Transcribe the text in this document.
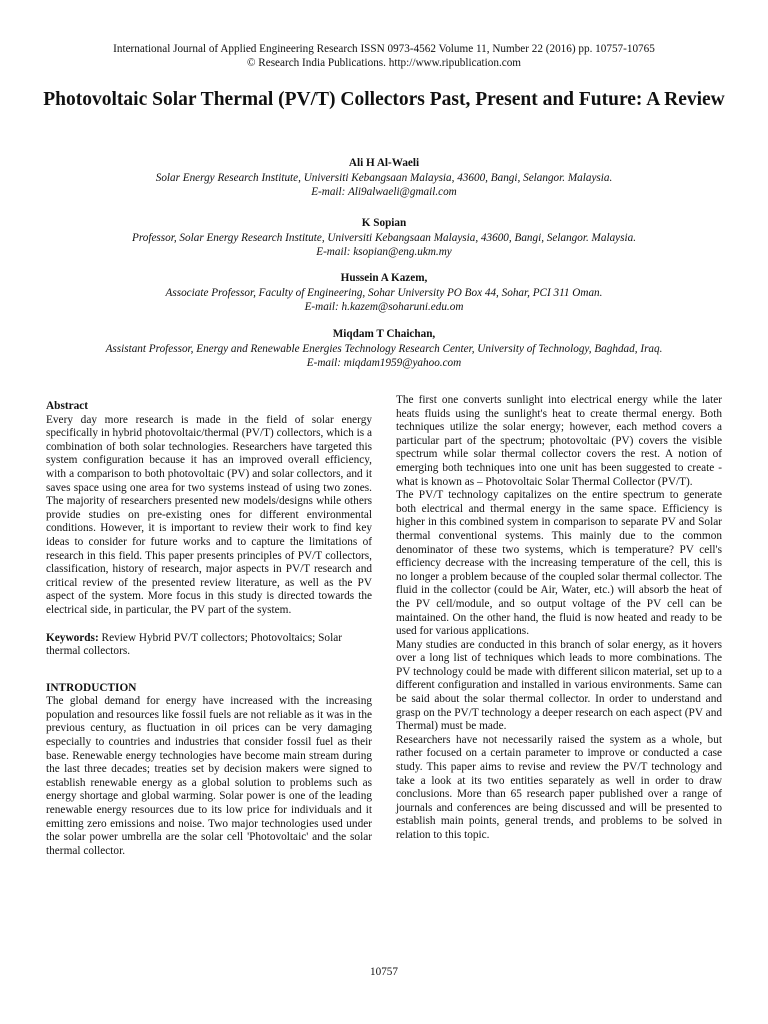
International Journal of Applied Engineering Research ISSN 0973-4562 Volume 11, Number 22 (2016) pp. 10757-10765
© Research India Publications. http://www.ripublication.com
Photovoltaic Solar Thermal (PV/T) Collectors Past, Present and Future: A Review
Ali H Al-Waeli
Solar Energy Research Institute, Universiti Kebangsaan Malaysia, 43600, Bangi, Selangor. Malaysia.
E-mail: Ali9alwaeli@gmail.com
K Sopian
Professor, Solar Energy Research Institute, Universiti Kebangsaan Malaysia, 43600, Bangi, Selangor. Malaysia.
E-mail: ksopian@eng.ukm.my
Hussein A Kazem,
Associate Professor, Faculty of Engineering, Sohar University PO Box 44, Sohar, PCI 311 Oman.
E-mail: h.kazem@soharuni.edu.om
Miqdam T Chaichan,
Assistant Professor, Energy and Renewable Energies Technology Research Center, University of Technology, Baghdad, Iraq.
E-mail: miqdam1959@yahoo.com
Abstract

Every day more research is made in the field of solar energy specifically in hybrid photovoltaic/thermal (PV/T) collectors, which is a combination of both solar technologies. Researchers have targeted this system configuration because it has an improved overall efficiency, with a comparison to both photovoltaic (PV) and solar collectors, and it saves space using one area for two systems instead of using two zones. The majority of researchers presented new models/designs while others provide studies on pre-existing ones for different environmental conditions. However, it is important to review their work to find key ideas to consider for future works and to capture the limitations of research in this field. This paper presents principles of PV/T collectors, classification, history of research, major aspects in PV/T research and critical review of the presented review literature, as well as the PV aspect of the system. More focus in this study is directed towards the electrical side, in particular, the PV part of the system.

Keywords: Review Hybrid PV/T collectors; Photovoltaics; Solar thermal collectors.

INTRODUCTION

The global demand for energy have increased with the increasing population and resources like fossil fuels are not reliable as it was in the previous century, as fluctuation in oil prices can be very damaging especially to countries and industries that consider fossil fuel as their base. Renewable energy technologies have become main stream during the last three decades; treaties set by decision makers were signed to establish renewable energy as a global solution to problems such as energy shortage and global warming. Solar power is one of the leading renewable energy resources due to its low price for individuals and it emitting zero emissions and noise. Two major technologies used under the solar power umbrella are the solar cell 'Photovoltaic' and the solar thermal collector.

The first one converts sunlight into electrical energy while the later heats fluids using the sunlight's heat to create thermal energy. Both techniques utilize the solar energy; however, each method covers a particular part of the spectrum; photovoltaic (PV) covers the visible spectrum while solar thermal collector covers the rest. A notion of emerging both techniques into one unit has been suggested to create -what is known as – Photovoltaic Solar Thermal Collector (PV/T).

The PV/T technology capitalizes on the entire spectrum to generate both electrical and thermal energy in the same space. Efficiency is higher in this combined system in comparison to separate PV and Solar thermal conventional systems. This mainly due to the common denominator of these two systems, which is temperature? PV cell's efficiency decrease with the increasing temperature of the cell, this is no longer a problem because of the coupled solar thermal collector. The fluid in the collector (could be Air, Water, etc.) will absorb the heat of the PV cell/module, and so output voltage of the PV cell can be maintained. On the other hand, the fluid is now heated and ready to be used for various applications.

Many studies are conducted in this branch of solar energy, as it hovers over a long list of techniques which leads to more combinations. The PV technology could be made with different silicon material, set up to a different configuration and installed in various environments. Same can be said about the solar thermal collector. In order to understand and grasp on the PV/T technology a deeper research on each aspect (PV and Thermal) must be made.

Researchers have not necessarily raised the system as a whole, but rather focused on a certain parameter to improve or conducted a case study. This paper aims to revise and review the PV/T technology and take a look at its two entities separately as well in order to draw conclusions. More than 65 research paper published over a range of journals and conferences are being discussed and will be presented to establish main points, general trends, and problems to be solved in relation to this topic.

10757
